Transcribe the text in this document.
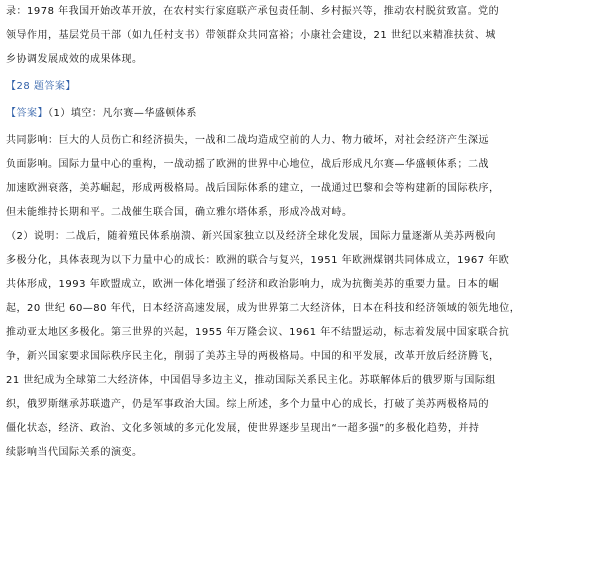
录：1978 年我国开始改革开放，在农村实行家庭联产承包责任制、乡村振兴等，推动农村脱贫致富。党的
领导作用，基层党员干部（如九任村支书）带领群众共同富裕；小康社会建设，21 世纪以来精准扶贫、城
乡协调发展成效的成果体现。
【28 题答案】
【答案】（1）填空：凡尔赛—华盛顿体系
共同影响：巨大的人员伤亡和经济损失，一战和二战均造成空前的人力、物力破坏，对社会经济产生深远
负面影响。国际力量中心的重构，一战动摇了欧洲的世界中心地位，战后形成凡尔赛—华盛顿体系；二战
加速欧洲衰落，美苏崛起，形成两极格局。战后国际体系的建立，一战通过巴黎和会等构建新的国际秩序，
但未能维持长期和平。二战催生联合国，确立雅尔塔体系，形成冷战对峙。
（2）说明：二战后，随着殖民体系崩溃、新兴国家独立以及经济全球化发展，国际力量逐渐从美苏两极向
多极分化，具体表现为以下力量中心的成长：欧洲的联合与复兴，1951 年欧洲煤钢共同体成立，1967 年欧
共体形成，1993 年欧盟成立，欧洲一体化增强了经济和政治影响力，成为抗衡美苏的重要力量。日本的崛
起，20 世纪 60—80 年代，日本经济高速发展，成为世界第二大经济体，日本在科技和经济领域的领先地位，
推动亚太地区多极化。第三世界的兴起，1955 年万隆会议、1961 年不结盟运动，标志着发展中国家联合抗
争，新兴国家要求国际秩序民主化，削弱了美苏主导的两极格局。中国的和平发展，改革开放后经济腾飞，
21 世纪成为全球第二大经济体，中国倡导多边主义，推动国际关系民主化。苏联解体后的俄罗斯与国际组
织，俄罗斯继承苏联遗产，仍是军事政治大国。综上所述，多个力量中心的成长，打破了美苏两极格局的
僵化状态，经济、政治、文化多领域的多元化发展，使世界逐步呈现出“一超多强”的多极化趋势，并持
续影响当代国际关系的演变。
